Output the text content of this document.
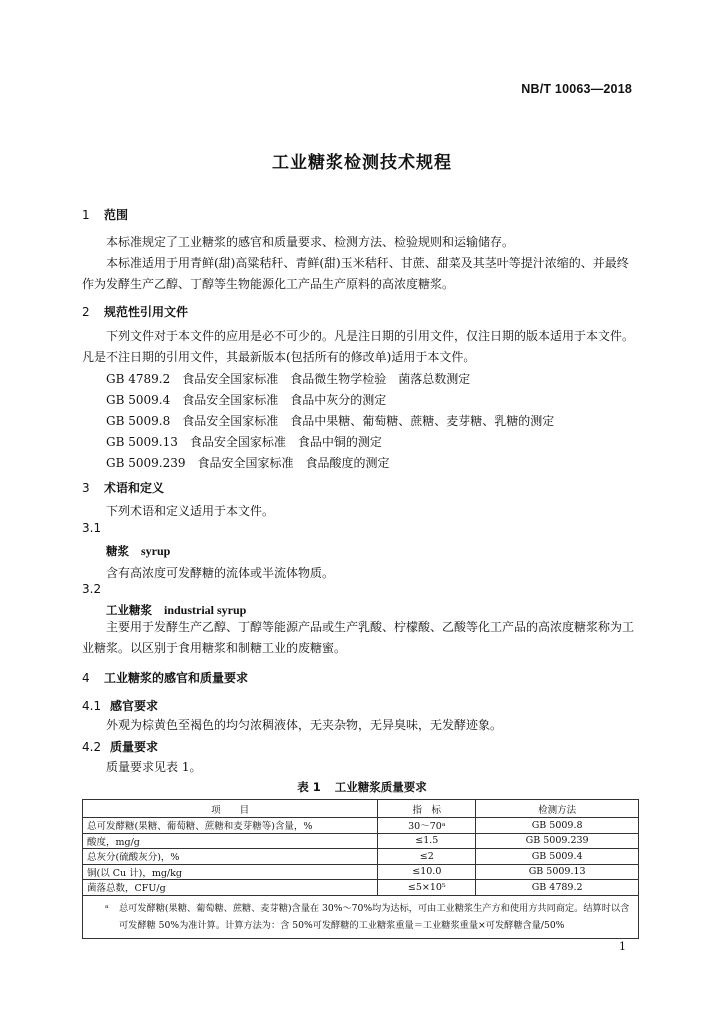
NB/T 10063—2018
工业糖浆检测技术规程
1 范围
本标准规定了工业糖浆的感官和质量要求、检测方法、检验规则和运输储存。
本标准适用于用青鲜(甜)高粱秸秆、青鲜(甜)玉米秸秆、甘蔗、甜菜及其茎叶等提汁浓缩的、并最终作为发酵生产乙醇、丁醇等生物能源化工产品生产原料的高浓度糖浆。
2 规范性引用文件
下列文件对于本文件的应用是必不可少的。凡是注日期的引用文件，仅注日期的版本适用于本文件。凡是不注日期的引用文件，其最新版本(包括所有的修改单)适用于本文件。
GB 4789.2　食品安全国家标准　食品微生物学检验　菌落总数测定
GB 5009.4　食品安全国家标准　食品中灰分的测定
GB 5009.8　食品安全国家标准　食品中果糖、葡萄糖、蔗糖、麦芽糖、乳糖的测定
GB 5009.13　食品安全国家标准　食品中铜的测定
GB 5009.239　食品安全国家标准　食品酸度的测定
3 术语和定义
下列术语和定义适用于本文件。
3.1
糖浆 syrup
含有高浓度可发酵糖的流体或半流体物质。
3.2
工业糖浆 industrial syrup
主要用于发酵生产乙醇、丁醇等能源产品或生产乳酸、柠檬酸、乙酸等化工产品的高浓度糖浆称为工业糖浆。以区别于食用糖浆和制糖工业的废糖蜜。
4 工业糖浆的感官和质量要求
4.1 感官要求
外观为棕黄色至褐色的均匀浓稠液体，无夹杂物，无异臭味，无发酵迹象。
4.2 质量要求
质量要求见表 1。
表 1 工业糖浆质量要求
项　　目	指　标	检测方法
总可发酵糖(果糖、葡萄糖、蔗糖和麦芽糖等)含量，%	30～70ᵃ	GB 5009.8
酸度，mg/g	≤1.5	GB 5009.239
总灰分(硫酸灰分)，%	≤2	GB 5009.4
铜(以 Cu 计)，mg/kg	≤10.0	GB 5009.13
菌落总数，CFU/g	≤5×10⁵	GB 4789.2
ᵃ 总可发酵糖(果糖、葡萄糖、蔗糖、麦芽糖)含量在 30%～70%均为达标，可由工业糖浆生产方和使用方共同商定。结算时以含可发酵糖 50%为准计算。计算方法为：含 50%可发酵糖的工业糖浆重量＝工业糖浆重量×可发酵糖含量/50%		
1
